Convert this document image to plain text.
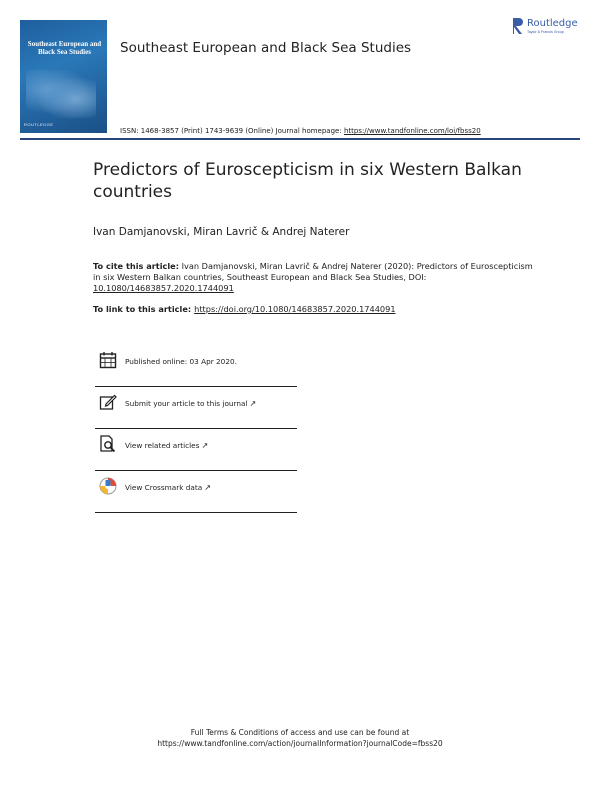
Southeast European and Black Sea Studies
ROUTLEDGE
Southeast European and Black Sea Studies
Routledge
Taylor & Francis Group
ISSN: 1468-3857 (Print) 1743-9639 (Online) Journal homepage: https://www.tandfonline.com/loi/fbss20
Predictors of Euroscepticism in six Western Balkan countries
Ivan Damjanovski, Miran Lavrič & Andrej Naterer
To cite this article: Ivan Damjanovski, Miran Lavrič & Andrej Naterer (2020): Predictors of Euroscepticism in six Western Balkan countries, Southeast European and Black Sea Studies, DOI: 10.1080/14683857.2020.1744091
To link to this article: https://doi.org/10.1080/14683857.2020.1744091
Published online: 03 Apr 2020.
Submit your article to this journal ↗
View related articles ↗
View Crossmark data ↗
Full Terms & Conditions of access and use can be found at
https://www.tandfonline.com/action/journalInformation?journalCode=fbss20
